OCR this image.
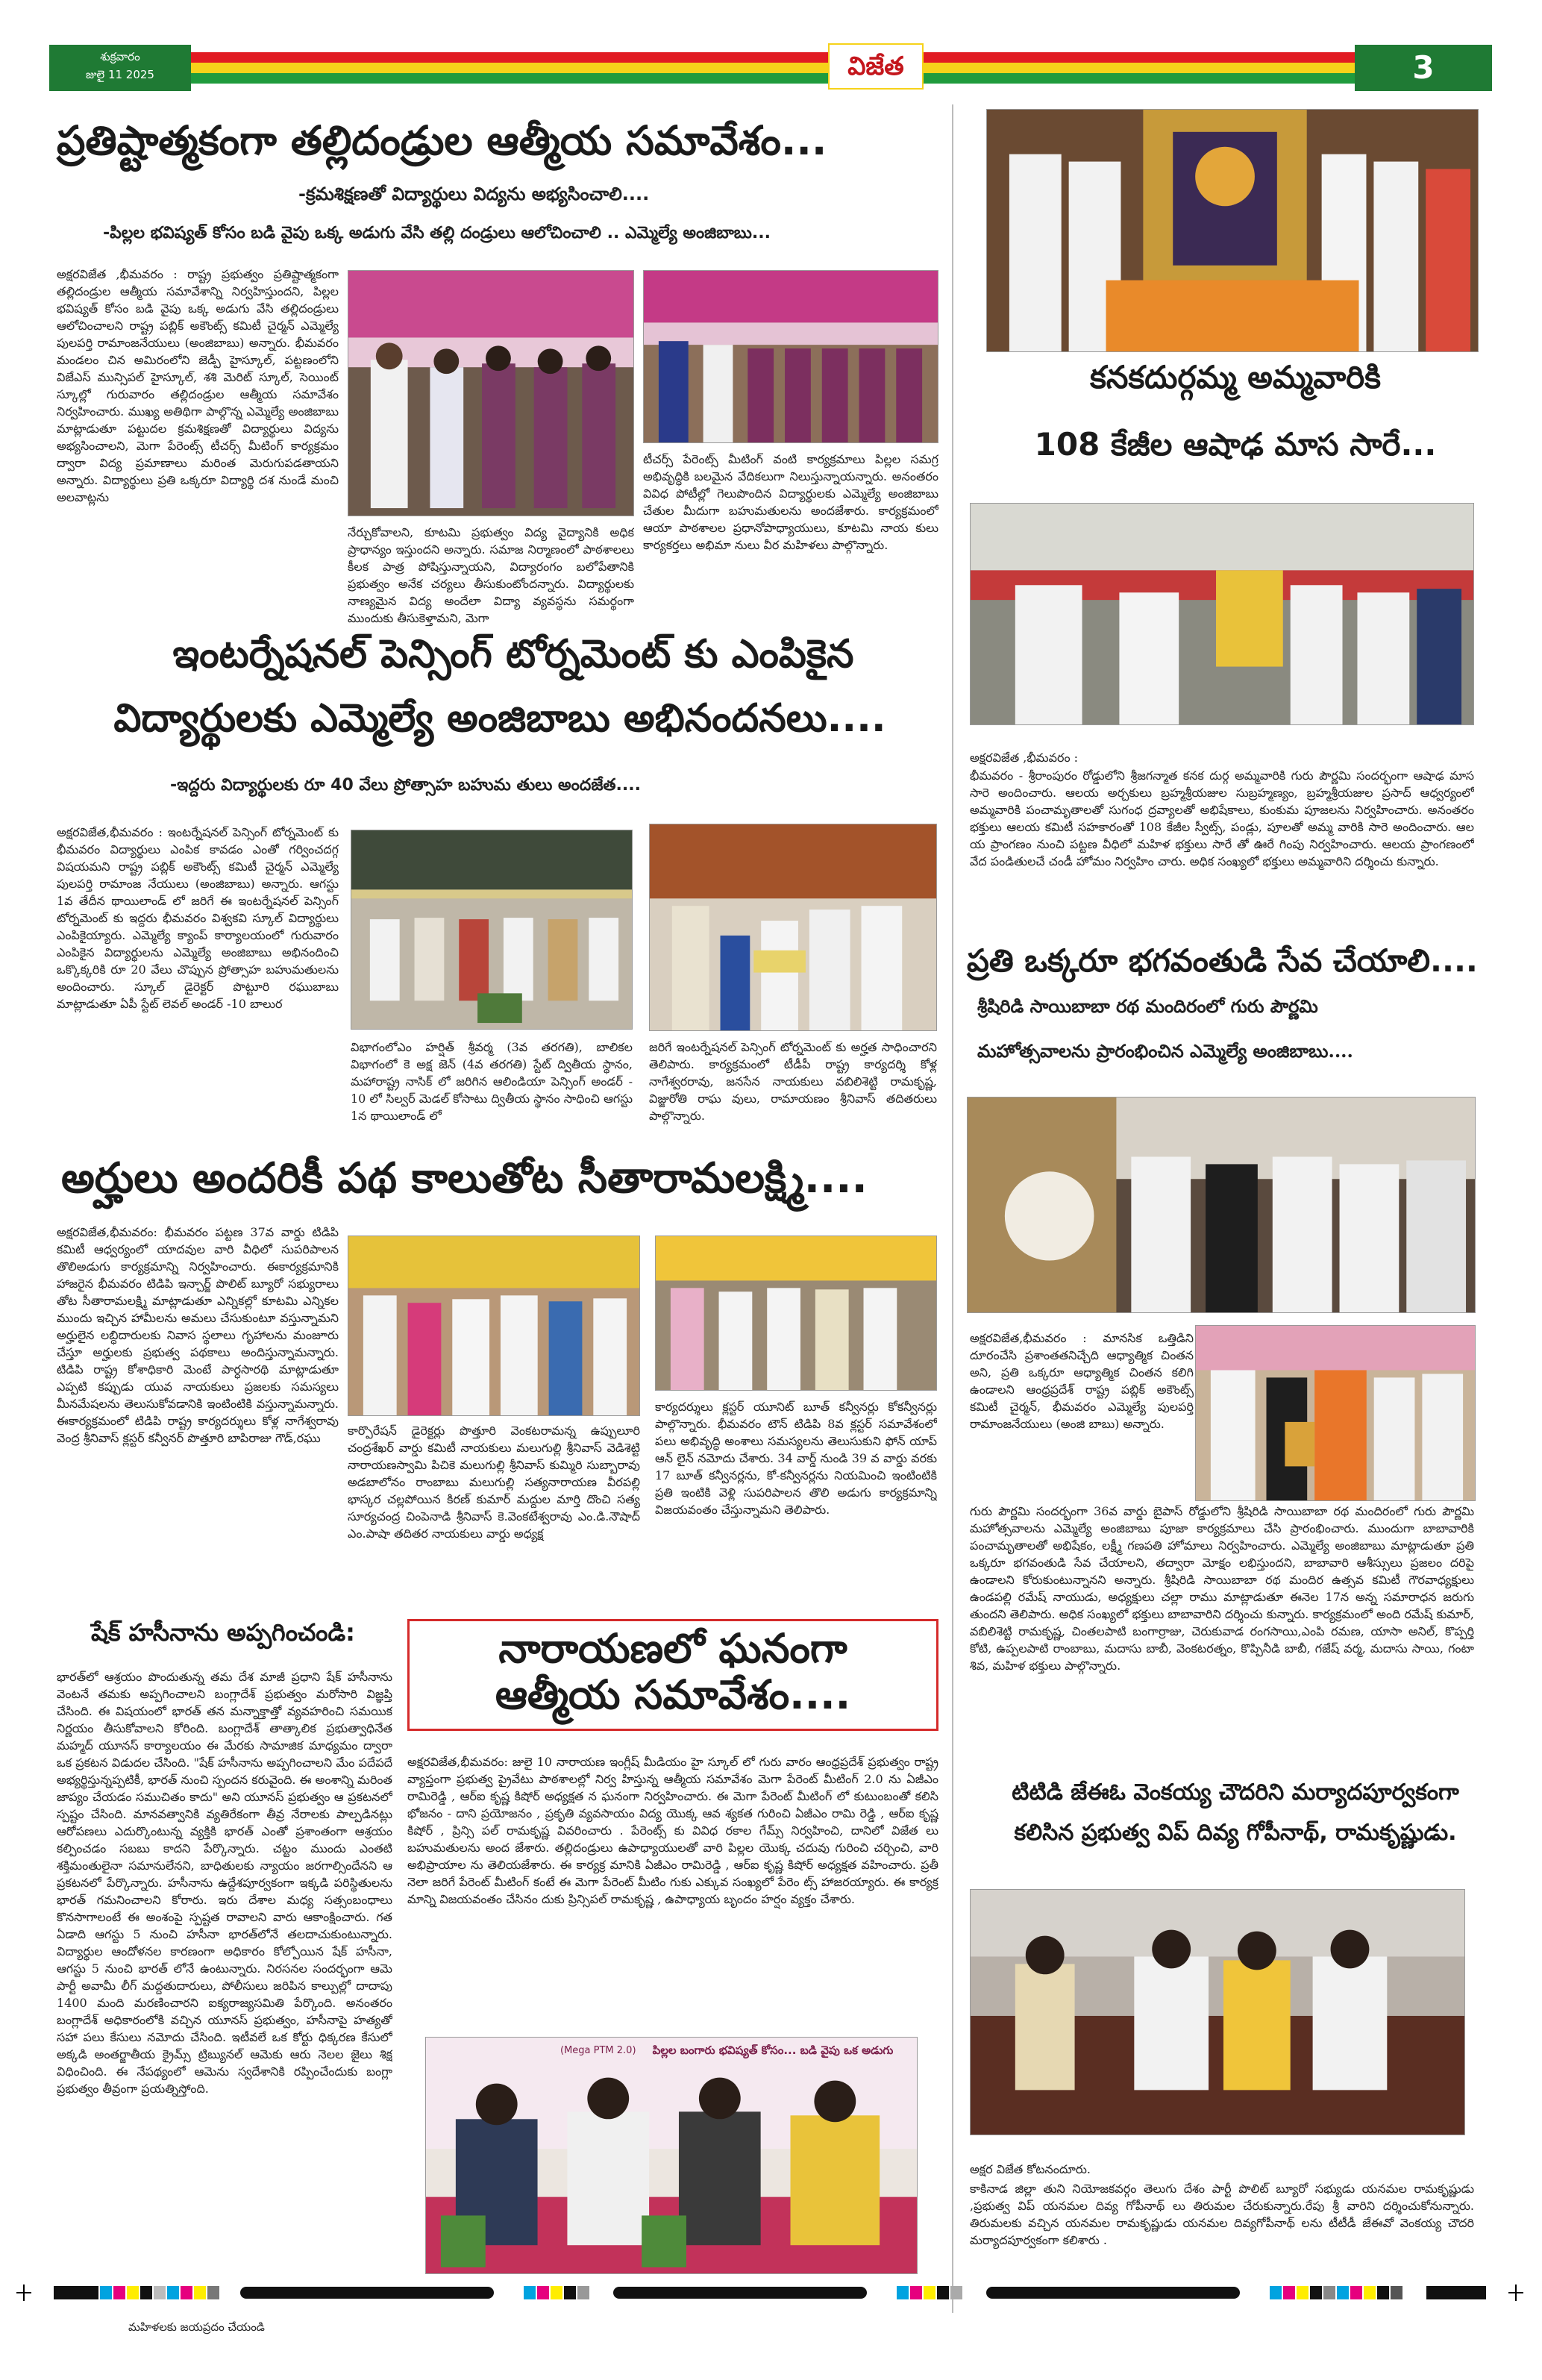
శుక్రవారం
జులై 11 2025	విజేత	3
ప్రతిష్టాత్మకంగా తల్లిదండ్రుల ఆత్మీయ సమావేశం...
-క్రమశిక్షణతో విద్యార్థులు విద్యను అభ్యసించాలి....
-పిల్లల భవిష్యత్ కోసం బడి వైపు ఒక్క అడుగు వేసి తల్లి దండ్రులు ఆలోచించాలి .. ఎమ్మెల్యే అంజిబాబు...
అక్షరవిజేత ,భీమవరం : రాష్ట్ర ప్రభుత్వం ప్రతిష్టాత్మకంగా తల్లిదండ్రుల ఆత్మీయ సమావేశాన్ని నిర్వహిస్తుందని, పిల్లల భవిష్యత్ కోసం బడి వైపు ఒక్క అడుగు వేసి తల్లిదండ్రులు ఆలోచించాలని రాష్ట్ర పబ్లిక్ అకౌంట్స్ కమిటీ చైర్మన్ ఎమ్మెల్యే పులపర్తి రామాంజనేయులు (అంజిబాబు) అన్నారు. భీమవరం మండలం చిన అమిరంలోని జెడ్పీ హైస్కూల్, పట్టణంలోని విజేఎస్ మున్సిపల్ హైస్కూల్, శశి మెరిట్ స్కూల్, సెయింట్ స్కూల్లో గురువారం తల్లిదండ్రుల ఆత్మీయ సమావేశం నిర్వహించారు. ముఖ్య అతిథిగా పాల్గొన్న ఎమ్మెల్యే అంజిబాబు మాట్లాడుతూ పట్టుదల క్రమశిక్షణతో విద్యార్థులు విద్యను అభ్యసించాలని, మెగా పేరెంట్స్ టీచర్స్ మీటింగ్ కార్యక్రమం ద్వారా విద్య ప్రమాణాలు మరింత మెరుగుపడతాయని అన్నారు. విద్యార్థులు ప్రతి ఒక్కరూ విద్యార్థి దశ నుండే మంచి అలవాట్లను
నేర్చుకోవాలని, కూటమి ప్రభుత్వం విద్య వైద్యానికి అధిక ప్రాధాన్యం ఇస్తుందని అన్నారు. సమాజ నిర్మాణంలో పాఠశాలలు కీలక పాత్ర పోషిస్తున్నాయని, విద్యారంగం బలోపేతానికి ప్రభుత్వం అనేక చర్యలు తీసుకుంటోందన్నారు. విద్యార్థులకు నాణ్యమైన విద్య అందేలా విద్యా వ్యవస్థను సమర్థంగా ముందుకు తీసుకెళ్తామని, మెగా
టీచర్స్ పేరెంట్స్ మీటింగ్ వంటి కార్యక్రమాలు పిల్లల సమగ్ర అభివృద్ధికి బలమైన వేదికలుగా నిలుస్తున్నాయన్నారు. అనంతరం వివిధ పోటీల్లో గెలుపొందిన విద్యార్థులకు ఎమ్మెల్యే అంజిబాబు చేతుల మీదుగా బహుమతులను అందజేశారు. కార్యక్రమంలో ఆయా పాఠశాలల ప్రధానోపాధ్యాయులు, కూటమి నాయ కులు కార్యకర్తలు అభిమా నులు వీర మహిళలు పాల్గొన్నారు.
ఇంటర్నేషనల్ పెన్సింగ్ టోర్నమెంట్ కు ఎంపికైన
విద్యార్థులకు ఎమ్మెల్యే అంజిబాబు అభినందనలు....
-ఇద్దరు విద్యార్థులకు రూ 40 వేలు ప్రోత్సాహ బహుమ తులు అందజేత....
అక్షరవిజేత,భీమవరం : ఇంటర్నేషనల్ పెన్సింగ్ టోర్నమెంట్ కు భీమవరం విద్యార్థులు ఎంపిక కావడం ఎంతో గర్వించదగ్గ విషయమని రాష్ట్ర పబ్లిక్ అకౌంట్స్ కమిటీ చైర్మన్ ఎమ్మెల్యే పులపర్తి రామాంజ నేయులు (అంజిబాబు) అన్నారు. ఆగస్టు 1వ తేదీన థాయిలాండ్ లో జరిగే ఈ ఇంటర్నేషనల్ పెన్సింగ్ టోర్నమెంట్ కు ఇద్దరు భీమవరం విశ్వకవి స్కూల్ విద్యార్థులు ఎంపికైయ్యారు. ఎమ్మెల్యే క్యాంప్ కార్యాలయంలో గురువారం ఎంపికైన విద్యార్థులను ఎమ్మెల్యే అంజిబాబు అభినందించి ఒక్కొక్కరికి రూ 20 వేలు చొప్పున ప్రోత్సాహ బహుమతులను అందించారు. స్కూల్ డైరెక్టర్ పొట్టూరి రఘుబాబు మాట్లాడుతూ ఏపీ స్టేట్ లెవల్ అండర్ -10 బాలుర
విభాగంలోఎం హర్షిత్ శ్రీవర్మ (3వ తరగతి), బాలికల విభాగంలో కె అక్ష జెన్ (4వ తరగతి) స్టేట్ ద్వితీయ స్థానం, మహారాష్ట్ర నాసిక్ లో జరిగిన ఆలిండియా పెన్సింగ్ అండర్ - 10 లో సిల్వర్ మెడల్ కోసాటు ద్వితీయ స్థానం సాధించి ఆగస్టు 1న థాయిలాండ్ లో
జరిగే ఇంటర్నేషనల్ పెన్సింగ్ టోర్నమెంట్ కు అర్హత సాధించారని తెలిపారు. కార్యక్రమంలో టీడీపీ రాష్ట్ర కార్యదర్శి కోళ్ల నాగేశ్వరరావు, జనసేన నాయకులు వబిలిశెట్టి రామకృష్ణ, విజ్జురోతి రాఘ వులు, రామాయణం శ్రీనివాస్ తదితరులు పాల్గొన్నారు.
అర్హులు అందరికీ పథ కాలుతోట సీతారామలక్ష్మి....
అక్షరవిజేత,భీమవరం: భీమవరం పట్టణ 37వ వార్డు టిడిపి కమిటీ ఆధ్వర్యంలో యాదవుల వారి వీధిలో సుపరిపాలన తొలిఅడుగు కార్యక్రమాన్ని నిర్వహించారు. ఈకార్యక్రమానికి హాజరైన భీమవరం టిడిపి ఇన్చార్జ్ పొలిట్ బ్యూరో సభ్యురాలు తోట సీతారామలక్ష్మి మాట్లాడుతూ ఎన్నికల్లో కూటమి ఎన్నికల ముందు ఇచ్చిన హామీలను అమలు చేసుకుంటూ వస్తున్నామని అర్హులైన లబ్ధిదారులకు నివాస స్థలాలు గృహాలను మంజూరు చేస్తూ అర్హులకు ప్రభుత్వ పథకాలు అందిస్తున్నామన్నారు. టిడిపి రాష్ట్ర కోశాధికారి మెంటే పార్ధసారథి మాట్లాడుతూ ఎప్పటి కప్పుడు యువ నాయకులు ప్రజలకు సమస్యలు మీనమేషలను తెలుసుకోవడానికి ఇంటింటికి వస్తున్నామన్నారు. ఈకార్యక్రమంలో టిడిపి రాష్ట్ర కార్యదర్శులు కోళ్ల నాగేశ్వరావు వెంద్ర శ్రీనివాస్ క్లస్టర్ కన్వీనర్ పొత్తూరి బాపిరాజు గౌడ్,రఘు
కార్పొరేషన్ డైరెక్టర్లు పొత్తూరి వెంకటరామన్న ఉప్పులూరి చంద్రశేఖర్ వార్డు కమిటీ నాయకులు మలుగుల్లి శ్రీనివాస్ వెడిశెట్టి నారాయణస్వామి పిచికె మలుగుల్లి శ్రీనివాస్ కుమ్మిరి సుబ్బారావు అడబాలోనం రాంబాబు మలుగుల్లి సత్యనారాయణ వీరపల్లి భాస్కర చల్లపోయిన కిరణ్ కుమార్ మద్దుల మార్తి దొంచి సత్య సూర్యచంద్ర చింపెనాడి శ్రీనివాస్ కె.వెంకటేశ్వరావు ఎం.డి.నౌషాద్ ఎం.పాషా తదితర నాయకులు వార్డు అధ్యక్ష
కార్యదర్శులు క్లస్టర్ యూనిట్ బూత్ కన్వీనర్లు కోకన్వీనర్లు పాల్గొన్నారు. భీమవరం టౌన్ టిడిపి 8వ క్లస్టర్ సమావేశంలో పలు అభివృద్ధి అంశాలు సమస్యలను తెలుసుకుని ఫోన్ యాప్ ఆన్ లైన్ నమోదు చేశారు. 34 వార్డ్ నుండి 39 వ వార్డు వరకు 17 బూత్ కన్వీనర్లను, కో-కన్వీనర్లను నియమించి ఇంటింటికి ప్రతి ఇంటికి వెళ్లి సుపరిపాలన తొలి అడుగు కార్యక్రమాన్ని విజయవంతం చేస్తున్నామని తెలిపారు.
షేక్ హసీనాను అప్పగించండి:
భారత్‌లో ఆశ్రయం పొందుతున్న తమ దేశ మాజీ ప్రధాని షేక్ హసీనాను వెంటనే తమకు అప్పగించాలని బంగ్లాదేశ్ ప్రభుత్వం మరోసారి విజ్ఞప్తి చేసింది. ఈ విషయంలో భారత్ తన మన్నాక్తాత్తో వ్యవహరించి సమయిక నిర్ణయం తీసుకోవాలని కోరింది. బంగ్లాదేశ్ తాత్కాలిక ప్రభుత్వాధినేత మహ్మద్ యూనస్ కార్యాలయం ఈ మేరకు సామాజిక మాధ్యమం ద్వారా ఒక ప్రకటన విడుదల చేసింది. "షేక్ హసీనాను అప్పగించాలని మేం పదేపదే అభ్యర్థిస్తున్నప్పటికీ, భారత్ నుంచి స్పందన కరువైంది. ఈ అంశాన్ని మరింత జాప్యం చేయడం సముచితం కాదు" అని యూనస్ ప్రభుత్వం ఆ ప్రకటనలో స్పష్టం చేసింది. మానవత్వానికి వ్యతిరేకంగా తీవ్ర నేరాలకు పాల్పడినట్లు ఆరోపణలు ఎదుర్కొంటున్న వ్యక్తికి భారత్ ఎంతో ప్రశాంతంగా ఆశ్రయం కల్పించడం సబబు కాదని పేర్కొన్నారు. చట్టం ముందు ఎంతటి శక్తిమంతులైనా సమానులేనని, బాధితులకు న్యాయం జరగాల్సిందేనని ఆ ప్రకటనలో పేర్కొన్నారు. హసీనాను ఉద్దేశపూర్వకంగా ఇక్కడి పరిస్థితులను భారత్ గమనించాలని కోరారు. ఇరు దేశాల మధ్య సత్సంబంధాలు కొనసాగాలంటే ఈ అంశంపై స్పష్టత రావాలని వారు ఆకాంక్షించారు. గత ఏడాది ఆగస్టు 5 నుంచి హసీనా భారత్‌లోనే తలదాచుకుంటున్నారు. విద్యార్థుల ఆందోళనల కారణంగా అధికారం కోల్పోయిన షేక్ హసీనా, ఆగస్టు 5 నుంచి భారత్ లోనే ఉంటున్నారు. నిరసనల సందర్భంగా ఆమె పార్టీ అవామీ లీగ్ మద్దతుదారులు, పోలీసులు జరిపిన కాల్పుల్లో దాదాపు 1400 మంది మరణించారని ఐక్యరాజ్యసమితి పేర్కొంది. అనంతరం బంగ్లాదేశ్ అధికారంలోకి వచ్చిన యూనస్ ప్రభుత్వం, హసీనాపై హత్యతో సహా పలు కేసులు నమోదు చేసింది. ఇటీవలే ఒక కోర్టు ధిక్కరణ కేసులో అక్కడి అంతర్జాతీయ క్రైమ్స్ ట్రిబ్యునల్ ఆమెకు ఆరు నెలల జైలు శిక్ష విధించింది. ఈ నేపథ్యంలో ఆమెను స్వదేశానికి రప్పించేందుకు బంగ్లా ప్రభుత్వం తీవ్రంగా ప్రయత్నిస్తోంది.
నారాయణలో ఘనంగా
ఆత్మీయ సమావేశం....
అక్షరవిజేత,భీమవరం: జులై 10 నారాయణ ఇంగ్లీష్ మీడియం హై స్కూల్ లో గురు వారం ఆంధ్రప్రదేశ్ ప్రభుత్వం రాష్ట్ర వ్యాప్తంగా ప్రభుత్వ ప్రైవేటు పాఠశాలల్లో నిర్వ హిస్తున్న ఆత్మీయ సమావేశం మెగా పేరెంట్ మీటింగ్ 2.0 ను ఏజీఎం రామిరెడ్డి , ఆర్ఐ కృష్ణ కిషోర్ అధ్యక్షత న ఘనంగా నిర్వహించారు. ఈ మెగా పేరెంట్ మీటింగ్ లో కుటుంబంతో కలిసి భోజనం - దాని ప్రయోజనం , ప్రకృతి వ్యవసాయం విద్య యొక్క ఆవ శ్యకత గురించి ఏజీఎం రామి రెడ్డి , ఆర్ఐ కృష్ణ కిషోర్ , ప్రిన్సి పల్ రామకృష్ణ వివరించారు . పేరెంట్స్ కు వివిధ రకాల గేమ్స్ నిర్వహించి, దానిలో విజేత లు బహుమతులను అంద జేశారు. తల్లిదండ్రులు ఉపాధ్యాయులతో వారి పిల్లల యొక్క చదువు గురించి చర్చించి, వారి అభిప్రాయాల ను తెలియజేశారు. ఈ కార్యక్ర మానికి ఏజీఎం రామిరెడ్డి , ఆర్ఐ కృష్ణ కిషోర్ అధ్యక్షత వహించారు. ప్రతీ నెలా జరిగే పేరెంట్ మీటింగ్ కంటే ఈ మెగా పేరెంట్ మీటిం గుకు ఎక్కువ సంఖ్యలో పేరెం ట్స్ హాజరయ్యారు. ఈ కార్యక్ర మాన్ని విజయవంతం చేసినం దుకు ప్రిన్సిపల్ రామకృష్ణ , ఉపాధ్యాయ బృందం హర్షం వ్యక్తం చేశారు.
పిల్లల బంగారు భవిష్యత్ కోసం... బడి వైపు ఒక అడుగు
(Mega PTM 2.0)
కనకదుర్గమ్మ అమ్మవారికి
108 కేజీల ఆషాఢ మాస సారే...
అక్షరవిజేత ,భీమవరం :
భీమవరం - శ్రీరాంపురం రోడ్డులోని శ్రీజగన్మాత కనక దుర్గ అమ్మవారికి గురు పౌర్ణమి సందర్భంగా ఆషాఢ మాస సారె అందించారు. ఆలయ అర్చకులు బ్రహ్మశ్రీయజుల సుబ్రహ్మణ్యం, బ్రహ్మశ్రీయజుల ప్రసాద్ ఆధ్వర్యంలో అమ్మవారికి పంచామృతాలతో సుగంధ ద్రవ్యాలతో అభిషేకాలు, కుంకుమ పూజలను నిర్వహించారు. అనంతరం భక్తులు ఆలయ కమిటీ సహకారంతో 108 కేజీల స్వీట్స్, పండ్లు, పూలతో అమ్మ వారికి సారె అందించారు. ఆల య ప్రాంగణం నుంచి పట్టణ వీధిలో మహిళ భక్తులు సారే తో ఊరే గింపు నిర్వహించారు. ఆలయ ప్రాంగణంలో వేద పండితులచే చండీ హోమం నిర్వహిం చారు. అధిక సంఖ్యలో భక్తులు అమ్మవారిని దర్శించు కున్నారు.
ప్రతి ఒక్కరూ భగవంతుడి సేవ చేయాలి....
శ్రీషిరిడి సాయిబాబా రథ మందిరంలో గురు పౌర్ణమి
మహోత్సవాలను ప్రారంభించిన ఎమ్మెల్యే అంజిబాబు....
అక్షరవిజేత,భీమవరం : మానసిక ఒత్తిడిని దూరంచేసి ప్రశాంతతనిచ్చేది ఆధ్యాత్మిక చింతన అని, ప్రతి ఒక్కరూ ఆధ్యాత్మిక చింతన కలిగి ఉండాలని ఆంధ్రప్రదేశ్ రాష్ట్ర పబ్లిక్ అకౌంట్స్ కమిటీ చైర్మన్, భీమవరం ఎమ్మెల్యే పులపర్తి రామాంజనేయులు (అంజి బాబు) అన్నారు.
గురు పౌర్ణమి సందర్భంగా 36వ వార్డు బైపాస్ రోడ్డులోని శ్రీషిరిడి సాయిబాబా రథ మందిరంలో గురు పౌర్ణమి మహోత్సవాలను ఎమ్మెల్యే అంజిబాబు పూజా కార్యక్రమాలు చేసి ప్రారంభించారు. ముందుగా బాబావారికి పంచామృతాలతో అభిషేకం, లక్ష్మీ గణపతి హోమాలు నిర్వహించారు. ఎమ్మెల్యే అంజిబాబు మాట్లాడుతూ ప్రతి ఒక్కరూ భగవంతుడి సేవ చేయాలని, తద్వారా మోక్షం లభిస్తుందని, బాబావారి ఆశీస్సులు ప్రజలం దరిపై ఉండాలని కోరుకుంటున్నానని అన్నారు. శ్రీషిరిడి సాయిబాబా రథ మందిర ఉత్సవ కమిటీ గౌరవాధ్యక్షులు ఉండపల్లి రమేష్ నాయుడు, అధ్యక్షులు చల్లా రాము మాట్లాడుతూ ఈనెల 17న అన్న సమారాధన జరుగు తుందని తెలిపారు. అధిక సంఖ్యలో భక్తులు బాబావారిని దర్శించు కున్నారు. కార్యక్రమంలో అంది రమేష్ కుమార్, వబిలిశెట్టి రామకృష్ణ, చింతలపాటి బంగార్రాజు, చెరుకువాడ రంగసాయి,ఎంపి రమణ, యాసా అనిల్, కొప్పర్తి కోటి, ఉప్పలపాటి రాంబాబు, మదాసు బాబీ, వెంకటరత్నం, కొప్పినీడి బాబీ, గజేష్ వర్మ, మదాసు సాయి, గంటా శివ, మహిళ భక్తులు పాల్గొన్నారు.
టిటిడి జేఈఓ వెంకయ్య చౌదరిని మర్యాదపూర్వకంగా
కలిసిన ప్రభుత్వ విప్ దివ్య గోపీనాథ్, రామకృష్ణుడు.
అక్షర విజేత కోటనందూరు.
కాకినాడ జిల్లా తుని నియోజకవర్గం తెలుగు దేశం పార్టీ పొలిట్ బ్యూరో సభ్యుడు యనమల రామకృష్ణుడు ,ప్రభుత్వ విప్ యనమల దివ్య గోపీనాథ్ లు తిరుమల చేరుకున్నారు.రేపు శ్రీ వారిని దర్శించుకోనున్నారు. తిరుమలకు వచ్చిన యనమల రామకృష్ణుడు యనమల దివ్యగోపీనాథ్ లను టీటీడీ జేఈవో వెంకయ్య చౌదరి మర్యాదపూర్వకంగా కలిశారు .
మహిళలకు జయప్రదం చేయండి
